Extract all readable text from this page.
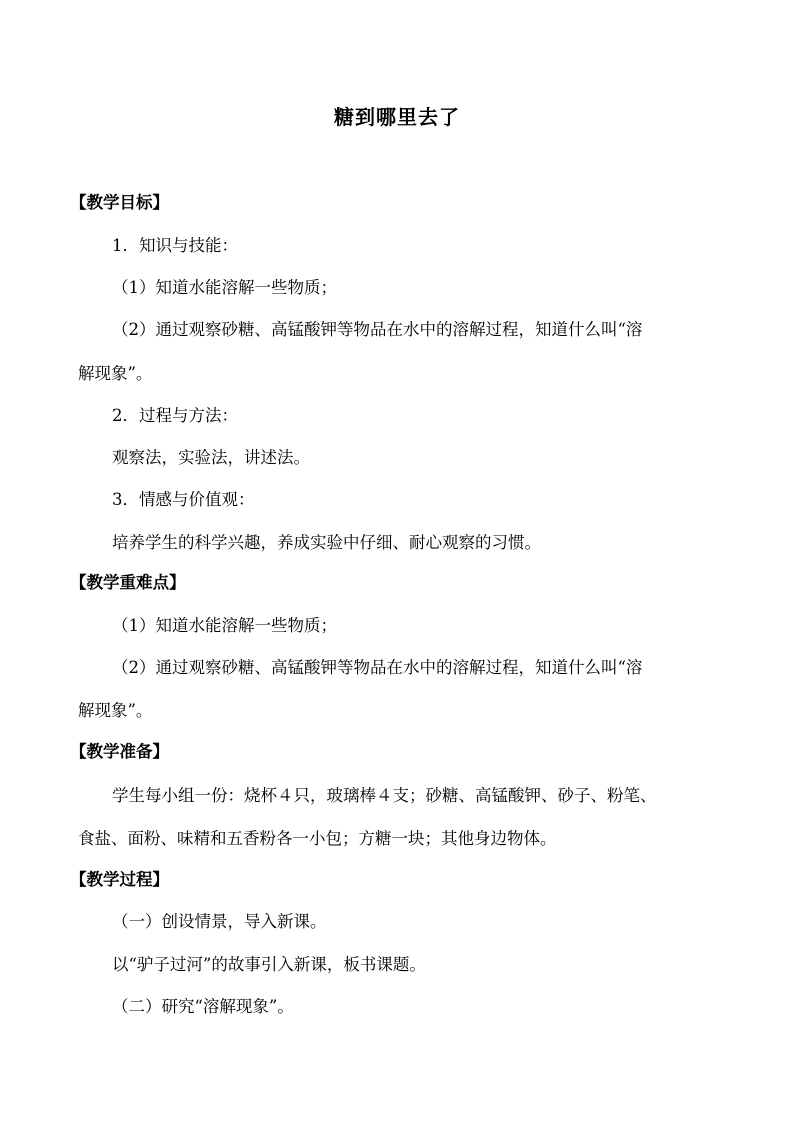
糖到哪里去了
【教学目标】
1．知识与技能：
（1）知道水能溶解一些物质；
（2）通过观察砂糖、高锰酸钾等物品在水中的溶解过程，知道什么叫“溶
解现象”。
2．过程与方法：
观察法，实验法，讲述法。
3．情感与价值观：
培养学生的科学兴趣，养成实验中仔细、耐心观察的习惯。
【教学重难点】
（1）知道水能溶解一些物质；
（2）通过观察砂糖、高锰酸钾等物品在水中的溶解过程，知道什么叫“溶
解现象”。
【教学准备】
学生每小组一份：烧杯４只，玻璃棒４支；砂糖、高锰酸钾、砂子、粉笔、
食盐、面粉、味精和五香粉各一小包；方糖一块；其他身边物体。
【教学过程】
（一）创设情景，导入新课。
以“驴子过河”的故事引入新课，板书课题。
（二）研究“溶解现象”。
